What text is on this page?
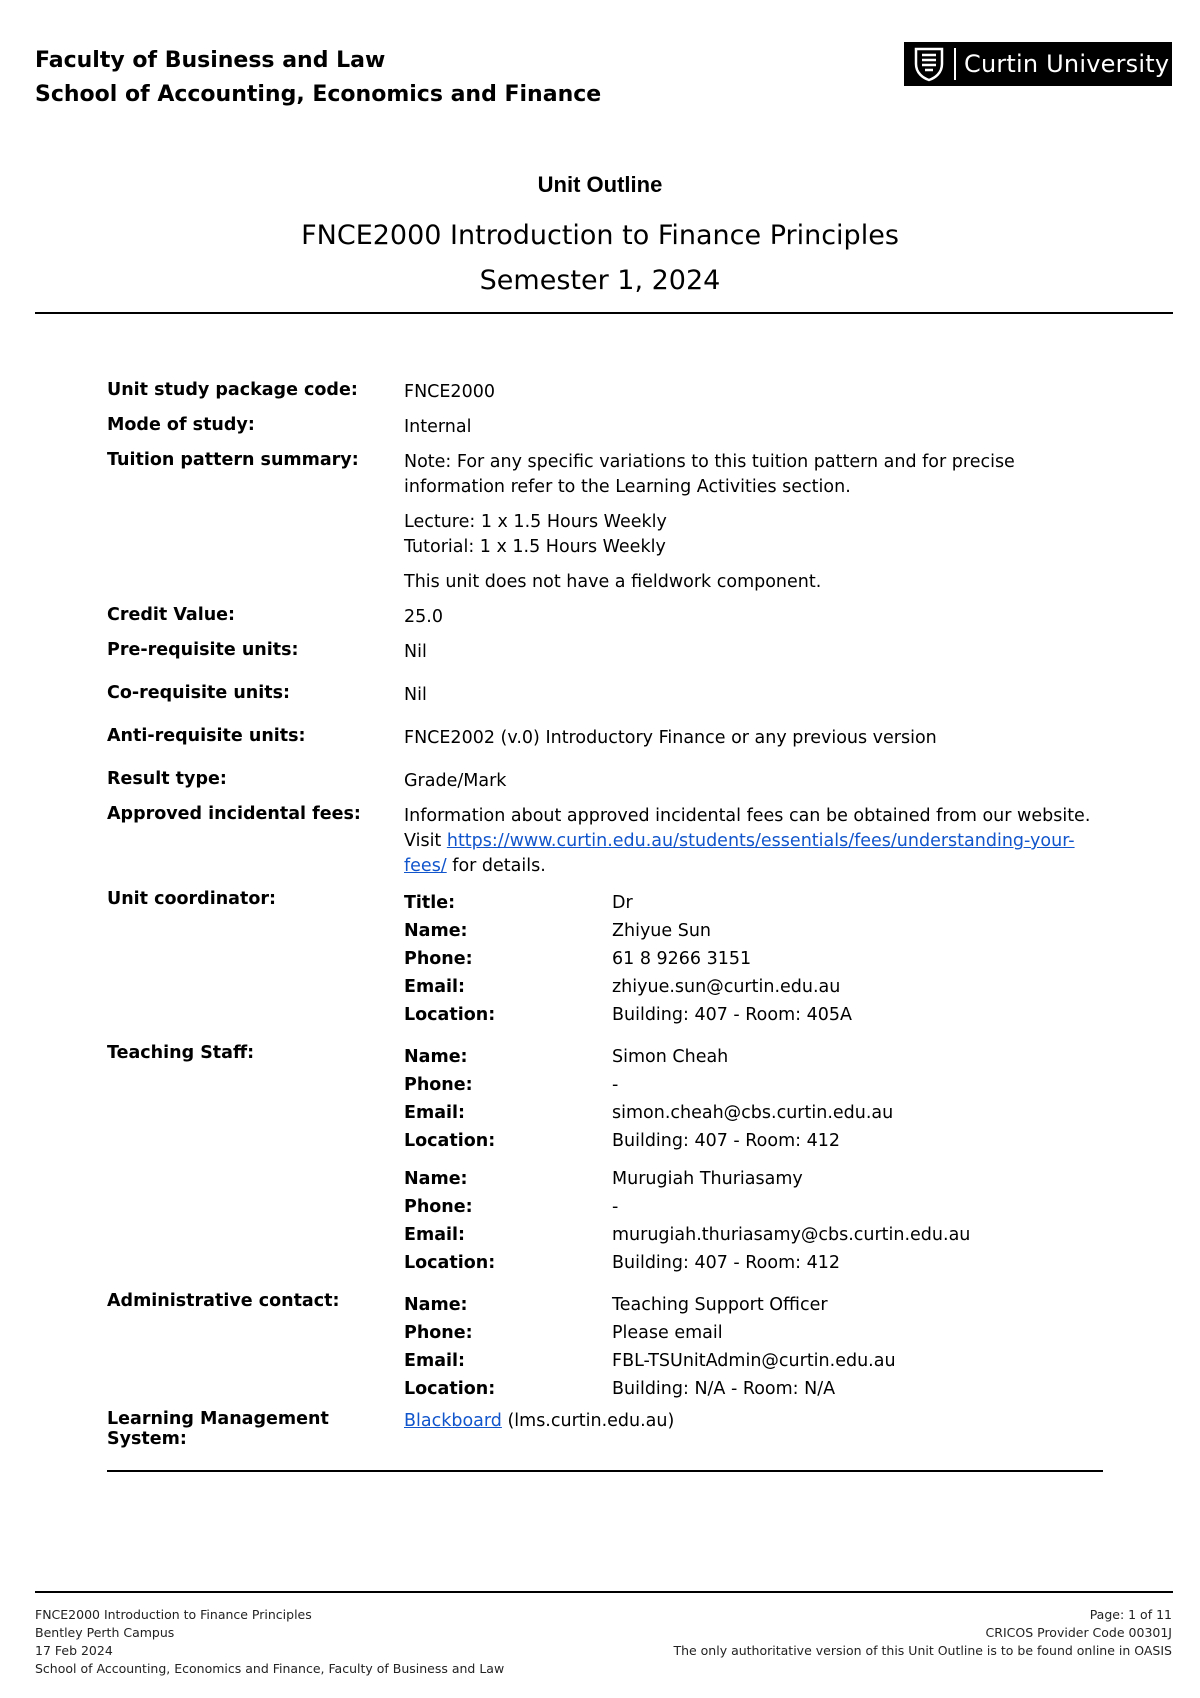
Faculty of Business and Law
School of Accounting, Economics and Finance
Curtin University
Unit Outline
FNCE2000 Introduction to Finance Principles
Semester 1, 2024
Unit study package code:	FNCE2000
Mode of study:	Internal
Tuition pattern summary:	Note: For any specific variations to this tuition pattern and for precise information refer to the Learning Activities section.

Lecture: 1 x 1.5 Hours Weekly
Tutorial: 1 x 1.5 Hours Weekly

This unit does not have a fieldwork component.

Credit Value:	25.0
Pre-requisite units:	Nil
Co-requisite units:	Nil
Anti-requisite units:	FNCE2002 (v.0) Introductory Finance or any previous version
Result type:	Grade/Mark
Approved incidental fees:	Information about approved incidental fees can be obtained from our website.
Visit https://www.curtin.edu.au/students/essentials/fees/understanding-your-fees/ for details.
Unit coordinator:	Title:	Dr
Name:	Zhiyue Sun
Phone:	61 8 9266 3151
Email:	zhiyue.sun@curtin.edu.au
Location:	Building: 407 - Room: 405A
Teaching Staff:	Name:	Simon Cheah
Phone:	-
Email:	simon.cheah@cbs.curtin.edu.au
Location:	Building: 407 - Room: 412
Name:	Murugiah Thuriasamy
Phone:	-
Email:	murugiah.thuriasamy@cbs.curtin.edu.au
Location:	Building: 407 - Room: 412
Administrative contact:	Name:	Teaching Support Officer
Phone:	Please email
Email:	FBL-TSUnitAdmin@curtin.edu.au
Location:	Building: N/A - Room: N/A
Learning Management System:
Blackboard (lms.curtin.edu.au)
FNCE2000 Introduction to Finance Principles
Bentley Perth Campus
17 Feb 2024
School of Accounting, Economics and Finance, Faculty of Business and Law
Page: 1 of 11
CRICOS Provider Code 00301J
The only authoritative version of this Unit Outline is to be found online in OASIS
